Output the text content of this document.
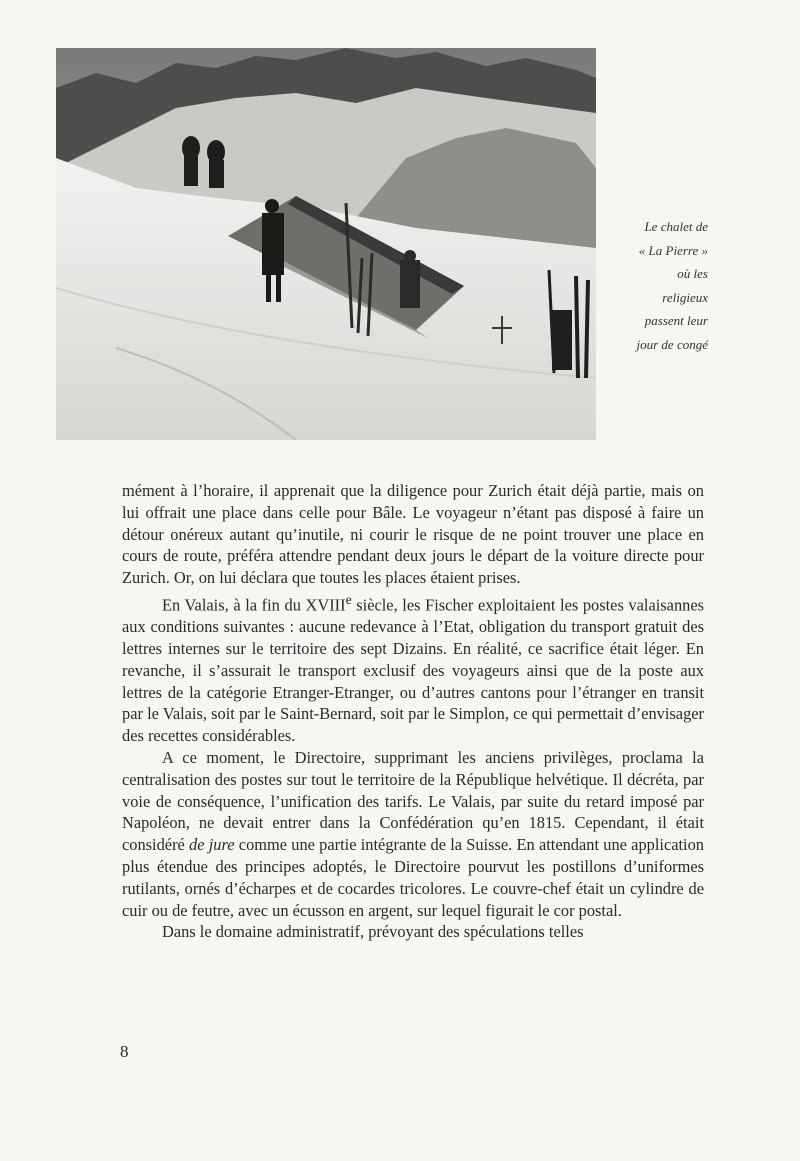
Le chalet de
« La Pierre »
où les
religieux
passent leur
jour de congé

mément à l’horaire, il apprenait que la diligence pour Zurich était déjà partie, mais on lui offrait une place dans celle pour Bâle. Le voyageur n’étant pas disposé à faire un détour onéreux autant qu’inutile, ni courir le risque de ne point trouver une place en cours de route, préféra attendre pendant deux jours le départ de la voiture directe pour Zurich. Or, on lui déclara que toutes les places étaient prises.

En Valais, à la fin du XVIIIe siècle, les Fischer exploitaient les postes valaisannes aux conditions suivantes : aucune redevance à l’Etat, obligation du transport gratuit des lettres internes sur le territoire des sept Dizains. En réalité, ce sacrifice était léger. En revanche, il s’assurait le transport exclusif des voyageurs ainsi que de la poste aux lettres de la catégorie Etranger-Etranger, ou d’autres cantons pour l’étranger en transit par le Valais, soit par le Saint-Bernard, soit par le Simplon, ce qui permettait d’envisager des recettes considérables.

A ce moment, le Directoire, supprimant les anciens privilèges, proclama la centralisation des postes sur tout le territoire de la République helvétique. Il décréta, par voie de conséquence, l’unification des tarifs. Le Valais, par suite du retard imposé par Napoléon, ne devait entrer dans la Confédération qu’en 1815. Cependant, il était considéré de jure comme une partie intégrante de la Suisse. En attendant une application plus étendue des principes adoptés, le Directoire pourvut les postillons d’uniformes rutilants, ornés d’écharpes et de cocardes tricolores. Le couvre-chef était un cylindre de cuir ou de feutre, avec un écusson en argent, sur lequel figurait le cor postal.

Dans le domaine administratif, prévoyant des spéculations telles

8
